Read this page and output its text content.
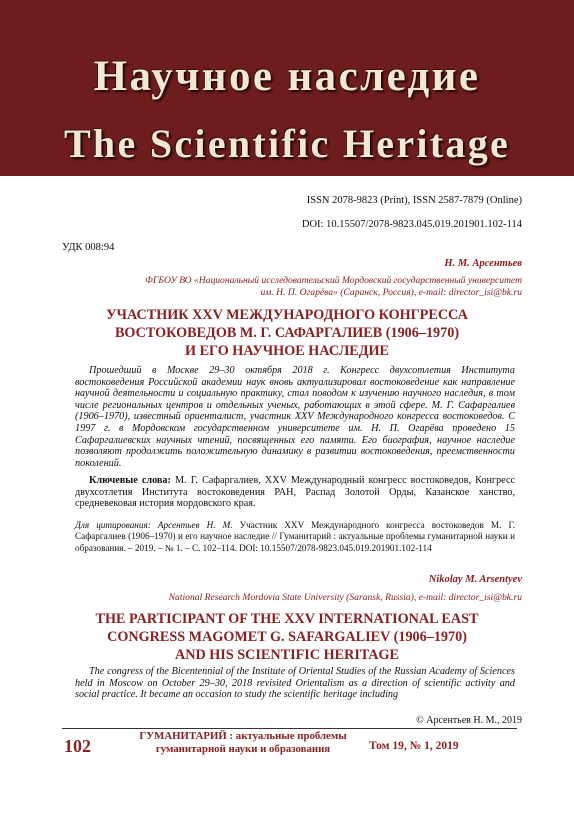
Научное наследие
The Scientific Heritage
ISSN 2078-9823 (Print), ISSN 2587-7879 (Online)
DOI: 10.15507/2078-9823.045.019.201901.102-114
УДК 008:94
Н. М. Арсентьев
ФГБОУ ВО «Национальный исследовательский Мордовский государственный университет
им. Н. П. Огарёва» (Саранск, Россия), e-mail: director_isi@bk.ru
УЧАСТНИК XXV МЕЖДУНАРОДНОГО КОНГРЕССА
ВОСТОКОВЕДОВ М. Г. САФАРГАЛИЕВ (1906–1970)
И ЕГО НАУЧНОЕ НАСЛЕДИЕ
Прошедший в Москве 29–30 октября 2018 г. Конгресс двухсотлетия Института востоковедения Российской академии наук вновь актуализировал востоковедение как направление научной деятельности и социальную практику, стал поводом к изучению научного наследия, в том числе региональных центров и отдельных ученых, работающих в этой сфере. М. Г. Сафаргалиев (1906–1970), известный ориенталист, участник XXV Международного конгресса востоковедов. С 1997 г. в Мордовском государственном университете им. Н. П. Огарёва проведено 15 Сафаргалиевских научных чтений, посвященных его памяти. Его биография, научное наследие позволяют продолжить положительную динамику в развитии востоковедения, преемственности поколений.
Ключевые слова: М. Г. Сафаргалиев, XXV Международный конгресс востоковедов, Конгресс двухсотлетия Института востоковедения РАН, Распад Золотой Орды, Казанское ханство, средневековая история мордовского края.
Для цитирования: Арсентьев Н. М. Участник XXV Международного конгресса востоковедов М. Г. Сафаргалиев (1906–1970) и его научное наследие // Гуманитарий : актуальные проблемы гуманитарной науки и образования. – 2019. – № 1. – С. 102–114. DOI: 10.15507/2078-9823.045.019.201901.102-114
Nikolay M. Arsentyev
National Research Mordovia State University (Saransk, Russia), e-mail: director_isi@bk.ru
THE PARTICIPANT OF THE XXV INTERNATIONAL EAST
CONGRESS MAGOMET G. SAFARGALIEV (1906–1970)
AND HIS SCIENTIFIC HERITAGE
The congress of the Bicentennial of the Institute of Oriental Studies of the Russian Academy of Sciences held in Moscow on October 29–30, 2018 revisited Orientalism as a direction of scientific activity and social practice. It became an occasion to study the scientific heritage including
© Арсентьев Н. М., 2019
102	ГУМАНИТАРИЙ : актуальные проблемы
гуманитарной науки и образования	Том 19, № 1, 2019
